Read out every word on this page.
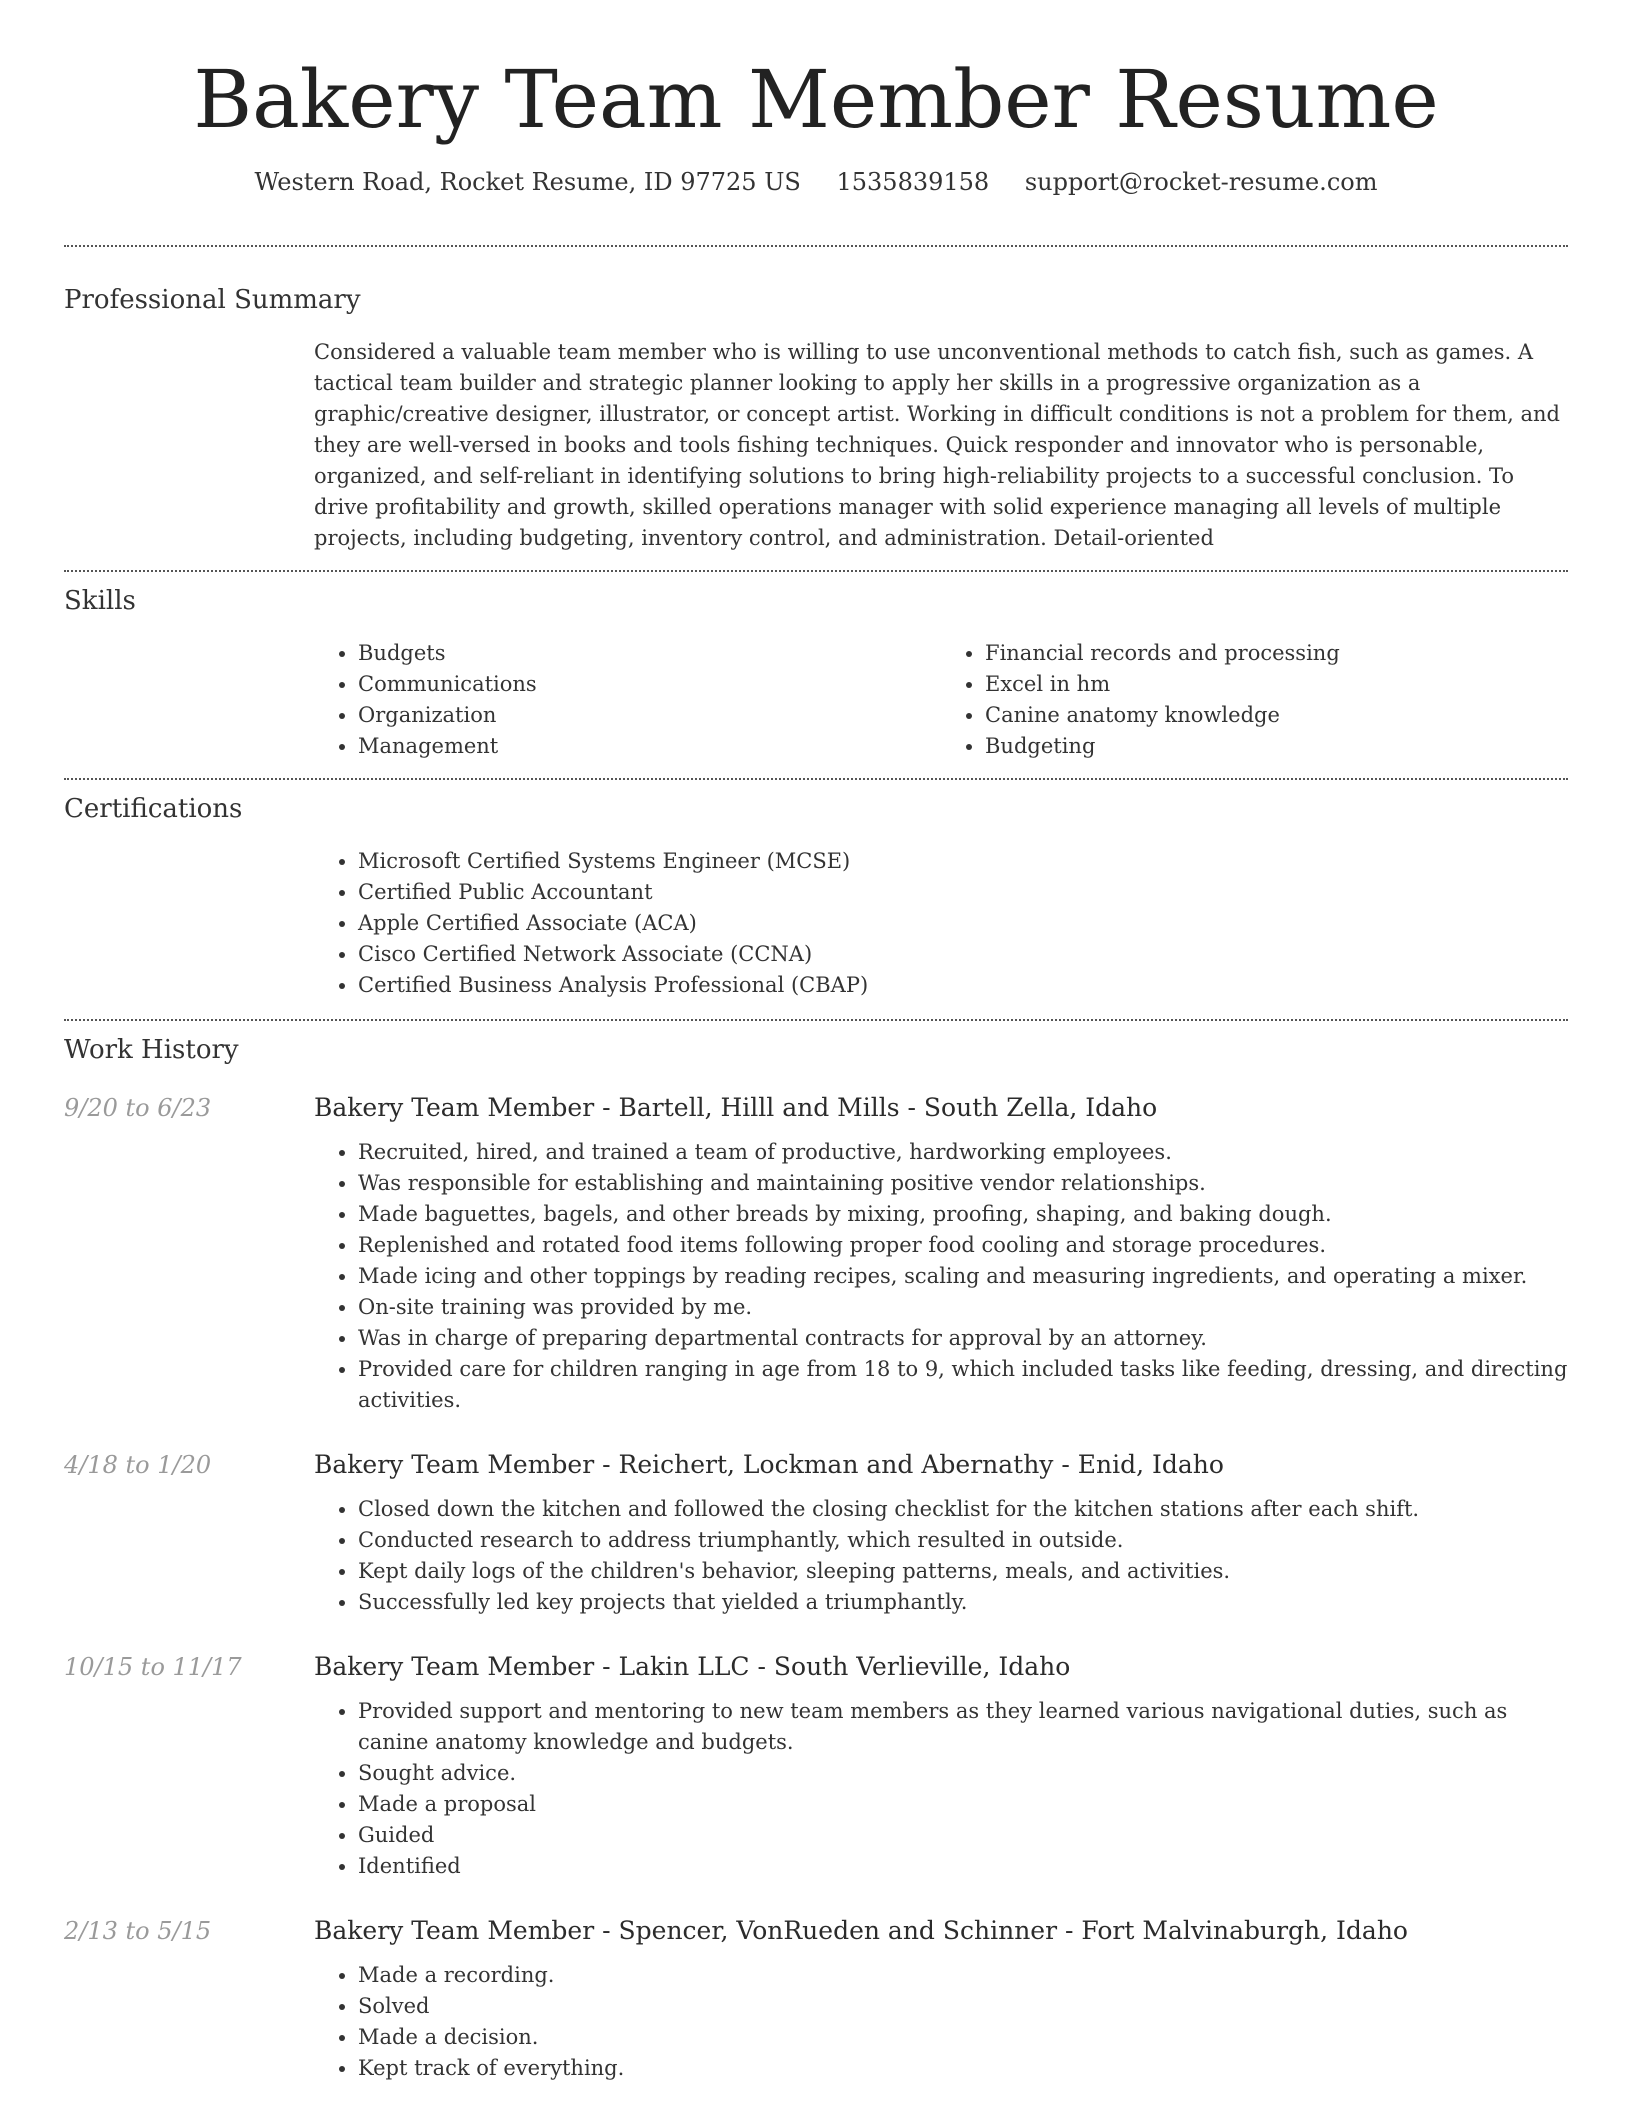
Bakery Team Member Resume
Western Road, Rocket Resume, ID 97725 US 1535839158 support@rocket-resume.com
Professional Summary

Considered a valuable team member who is willing to use unconventional methods to catch fish, such as games. A tactical team builder and strategic planner looking to apply her skills in a progressive organization as a graphic/creative designer, illustrator, or concept artist. Working in difficult conditions is not a problem for them, and they are well-versed in books and tools fishing techniques. Quick responder and innovator who is personable, organized, and self-reliant in identifying solutions to bring high-reliability projects to a successful conclusion. To drive profitability and growth, skilled operations manager with solid experience managing all levels of multiple projects, including budgeting, inventory control, and administration. Detail-oriented

Skills
• Budgets
• Communications
• Organization
• Management
• Financial records and processing
• Excel in hm
• Canine anatomy knowledge
• Budgeting
Certifications
• Microsoft Certified Systems Engineer (MCSE)
• Certified Public Accountant
• Apple Certified Associate (ACA)
• Cisco Certified Network Associate (CCNA)
• Certified Business Analysis Professional (CBAP)
Work History
9/20 to 6/23	Bakery Team Member - Bartell, Hilll and Mills - South Zella, Idaho
• Recruited, hired, and trained a team of productive, hardworking employees.
• Was responsible for establishing and maintaining positive vendor relationships.
• Made baguettes, bagels, and other breads by mixing, proofing, shaping, and baking dough.
• Replenished and rotated food items following proper food cooling and storage procedures.
• Made icing and other toppings by reading recipes, scaling and measuring ingredients, and operating a mixer.
• On-site training was provided by me.
• Was in charge of preparing departmental contracts for approval by an attorney.
• Provided care for children ranging in age from 18 to 9, which included tasks like feeding, dressing, and directing activities.
4/18 to 1/20	Bakery Team Member - Reichert, Lockman and Abernathy - Enid, Idaho
• Closed down the kitchen and followed the closing checklist for the kitchen stations after each shift.
• Conducted research to address triumphantly, which resulted in outside.
• Kept daily logs of the children's behavior, sleeping patterns, meals, and activities.
• Successfully led key projects that yielded a triumphantly.
10/15 to 11/17	Bakery Team Member - Lakin LLC - South Verlieville, Idaho
• Provided support and mentoring to new team members as they learned various navigational duties, such as canine anatomy knowledge and budgets.
• Sought advice.
• Made a proposal
• Guided
• Identified
2/13 to 5/15	Bakery Team Member - Spencer, VonRueden and Schinner - Fort Malvinaburgh, Idaho
• Made a recording.
• Solved
• Made a decision.
• Kept track of everything.
